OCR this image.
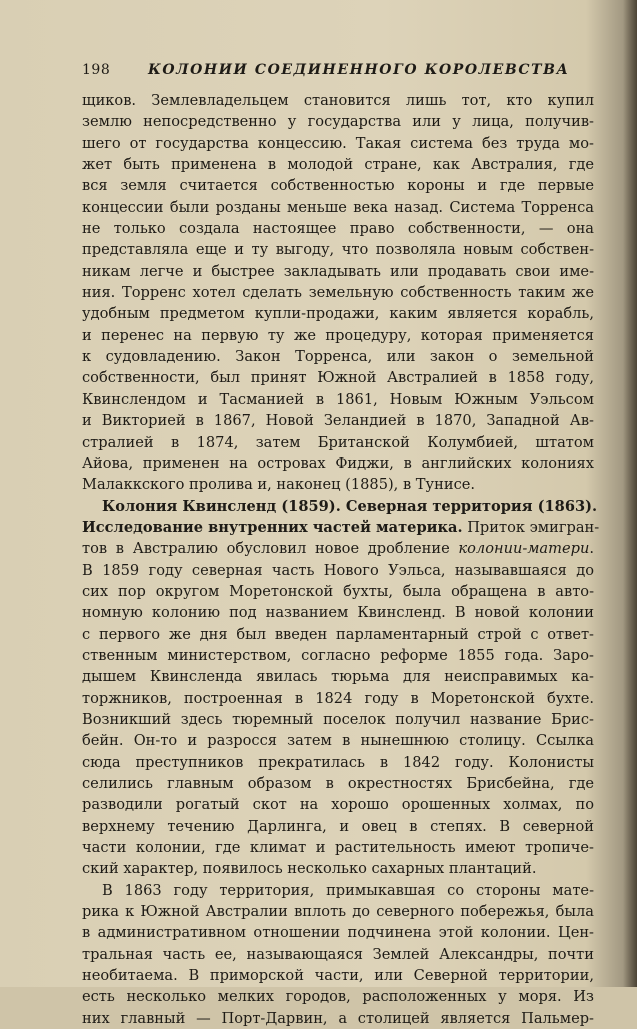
198	КОЛОНИИ СОЕДИНЕННОГО КОРОЛЕВСТВА
щиков. Землевладельцем становится лишь тот, кто купил
землю непосредственно у государства или у лица, получив-
шего от государства концессию. Такая система без труда мо-
жет быть применена в молодой стране, как Австралия, где
вся земля считается собственностью короны и где первые
концессии были розданы меньше века назад. Система Торренса
не только создала настоящее право собственности, — она
представляла еще и ту выгоду, что позволяла новым собствен-
никам легче и быстрее закладывать или продавать свои име-
ния. Торренс хотел сделать земельную собственность таким же
удобным предметом купли-продажи, каким является корабль,
и перенес на первую ту же процедуру, которая применяется
к судовладению. Закон Торренса, или закон о земельной
собственности, был принят Южной Австралией в 1858 году,
Квинслендом и Тасманией в 1861, Новым Южным Уэльсом
и Викторией в 1867, Новой Зеландией в 1870, Западной Ав-
стралией в 1874, затем Британской Колумбией, штатом
Айова, применен на островах Фиджи, в английских колониях
Малаккского пролива и, наконец (1885), в Тунисе.
Колония Квинсленд (1859). Северная территория (1863).
Исследование внутренних частей материка. Приток эмигран-
тов в Австралию обусловил новое дробление колонии-матери.
В 1859 году северная часть Нового Уэльса, называвшаяся до
сих пор округом Моретонской бухты, была обращена в авто-
номную колонию под названием Квинсленд. В новой колонии
с первого же дня был введен парламентарный строй с ответ-
ственным министерством, согласно реформе 1855 года. Заро-
дышем Квинсленда явилась тюрьма для неисправимых ка-
торжников, построенная в 1824 году в Моретонской бухте.
Возникший здесь тюремный поселок получил название Брис-
бейн. Он-то и разросся затем в нынешнюю столицу. Ссылка
сюда преступников прекратилась в 1842 году. Колонисты
селились главным образом в окрестностях Брисбейна, где
разводили рогатый скот на хорошо орошенных холмах, по
верхнему течению Дарлинга, и овец в степях. В северной
части колонии, где климат и растительность имеют тропиче-
ский характер, появилось несколько сахарных плантаций.
В 1863 году территория, примыкавшая со стороны мате-
рика к Южной Австралии вплоть до северного побережья, была
в административном отношении подчинена этой колонии. Цен-
тральная часть ее, называющаяся Землей Александры, почти
необитаема. В приморской части, или Северной территории,
есть несколько мелких городов, расположенных у моря. Из
них главный — Порт-Дарвин, а столицей является Пальмер-
